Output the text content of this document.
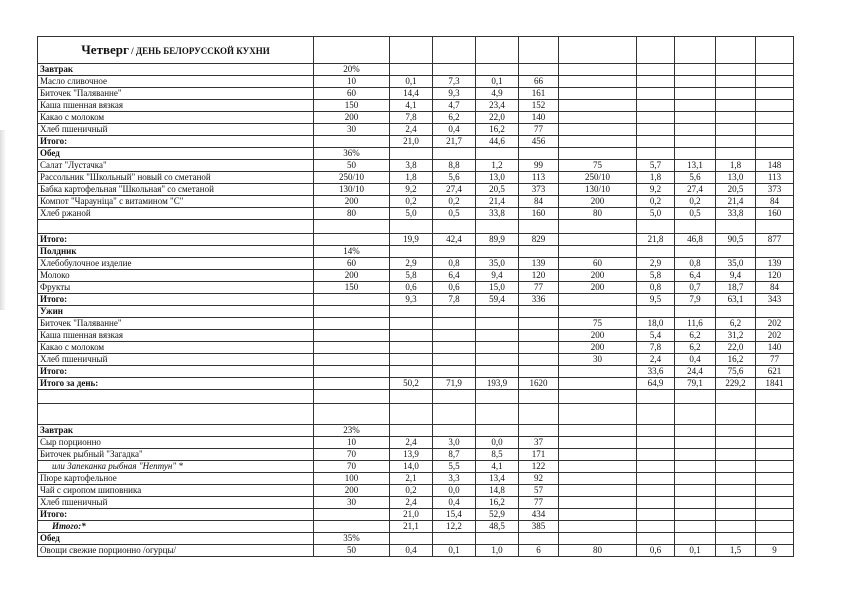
Четверг / ДЕНЬ БЕЛОРУССКОЙ КУХНИ												
Завтрак	20%											
Масло сливочное	10	0,1	7,3	0,1	66							
Биточек "Паляванне"	60	14,4	9,3	4,9	161							
Каша пшенная вязкая	150	4,1	4,7	23,4	152							
Какао с молоком	200	7,8	6,2	22,0	140							
Хлеб пшеничный	30	2,4	0,4	16,2	77							
Итого:		21,0	21,7	44,6	456							
Обед	36%											
Салат "Лустачка"	50	3,8	8,8	1,2	99	75	5,7	13,1	1,8	148		
Рассольник "Школьный" новый со сметаной	250/10	1,8	5,6	13,0	113	250/10	1,8	5,6	13,0	113		
Бабка картофельная "Школьная" со сметаной	130/10	9,2	27,4	20,5	373	130/10	9,2	27,4	20,5	373		
Компот "Чараунiца" с витамином "С"	200	0,2	0,2	21,4	84	200	0,2	0,2	21,4	84		
Хлеб ржаной	80	5,0	0,5	33,8	160	80	5,0	0,5	33,8	160		

Итого:		19,9	42,4	89,9	829		21,8	46,8	90,5	877		
Полдник	14%											
Хлебобулочное изделие	60	2,9	0,8	35,0	139	60	2,9	0,8	35,0	139		
Молоко	200	5,8	6,4	9,4	120	200	5,8	6,4	9,4	120		
Фрукты	150	0,6	0,6	15,0	77	200	0,8	0,7	18,7	84		
Итого:		9,3	7,8	59,4	336		9,5	7,9	63,1	343		
Ужин												
Биточек "Паляванне"						75	18,0	11,6	6,2	202		
Каша пшенная вязкая						200	5,4	6,2	31,2	202		
Какао с молоком						200	7,8	6,2	22,0	140		
Хлеб пшеничный						30	2,4	0,4	16,2	77		
Итого:							33,6	24,4	75,6	621		
Итого за день:		50,2	71,9	193,9	1620		64,9	79,1	229,2	1841		

Завтрак	23%											
Сыр порционно	10	2,4	3,0	0,0	37							
Биточек рыбный "Загадка"	70	13,9	8,7	8,5	171							
или Запеканка рыбная "Нептун" *	70	14,0	5,5	4,1	122							
Пюре картофельное	100	2,1	3,3	13,4	92							
Чай с сиропом шиповника	200	0,2	0,0	14,8	57							
Хлеб пшеничный	30	2,4	0,4	16,2	77							
Итого:		21,0	15,4	52,9	434							
Итого:*		21,1	12,2	48,5	385							
Обед	35%											
Овощи свежие порционно /огурцы/	50	0,4	0,1	1,0	6	80	0,6	0,1	1,5	9		
